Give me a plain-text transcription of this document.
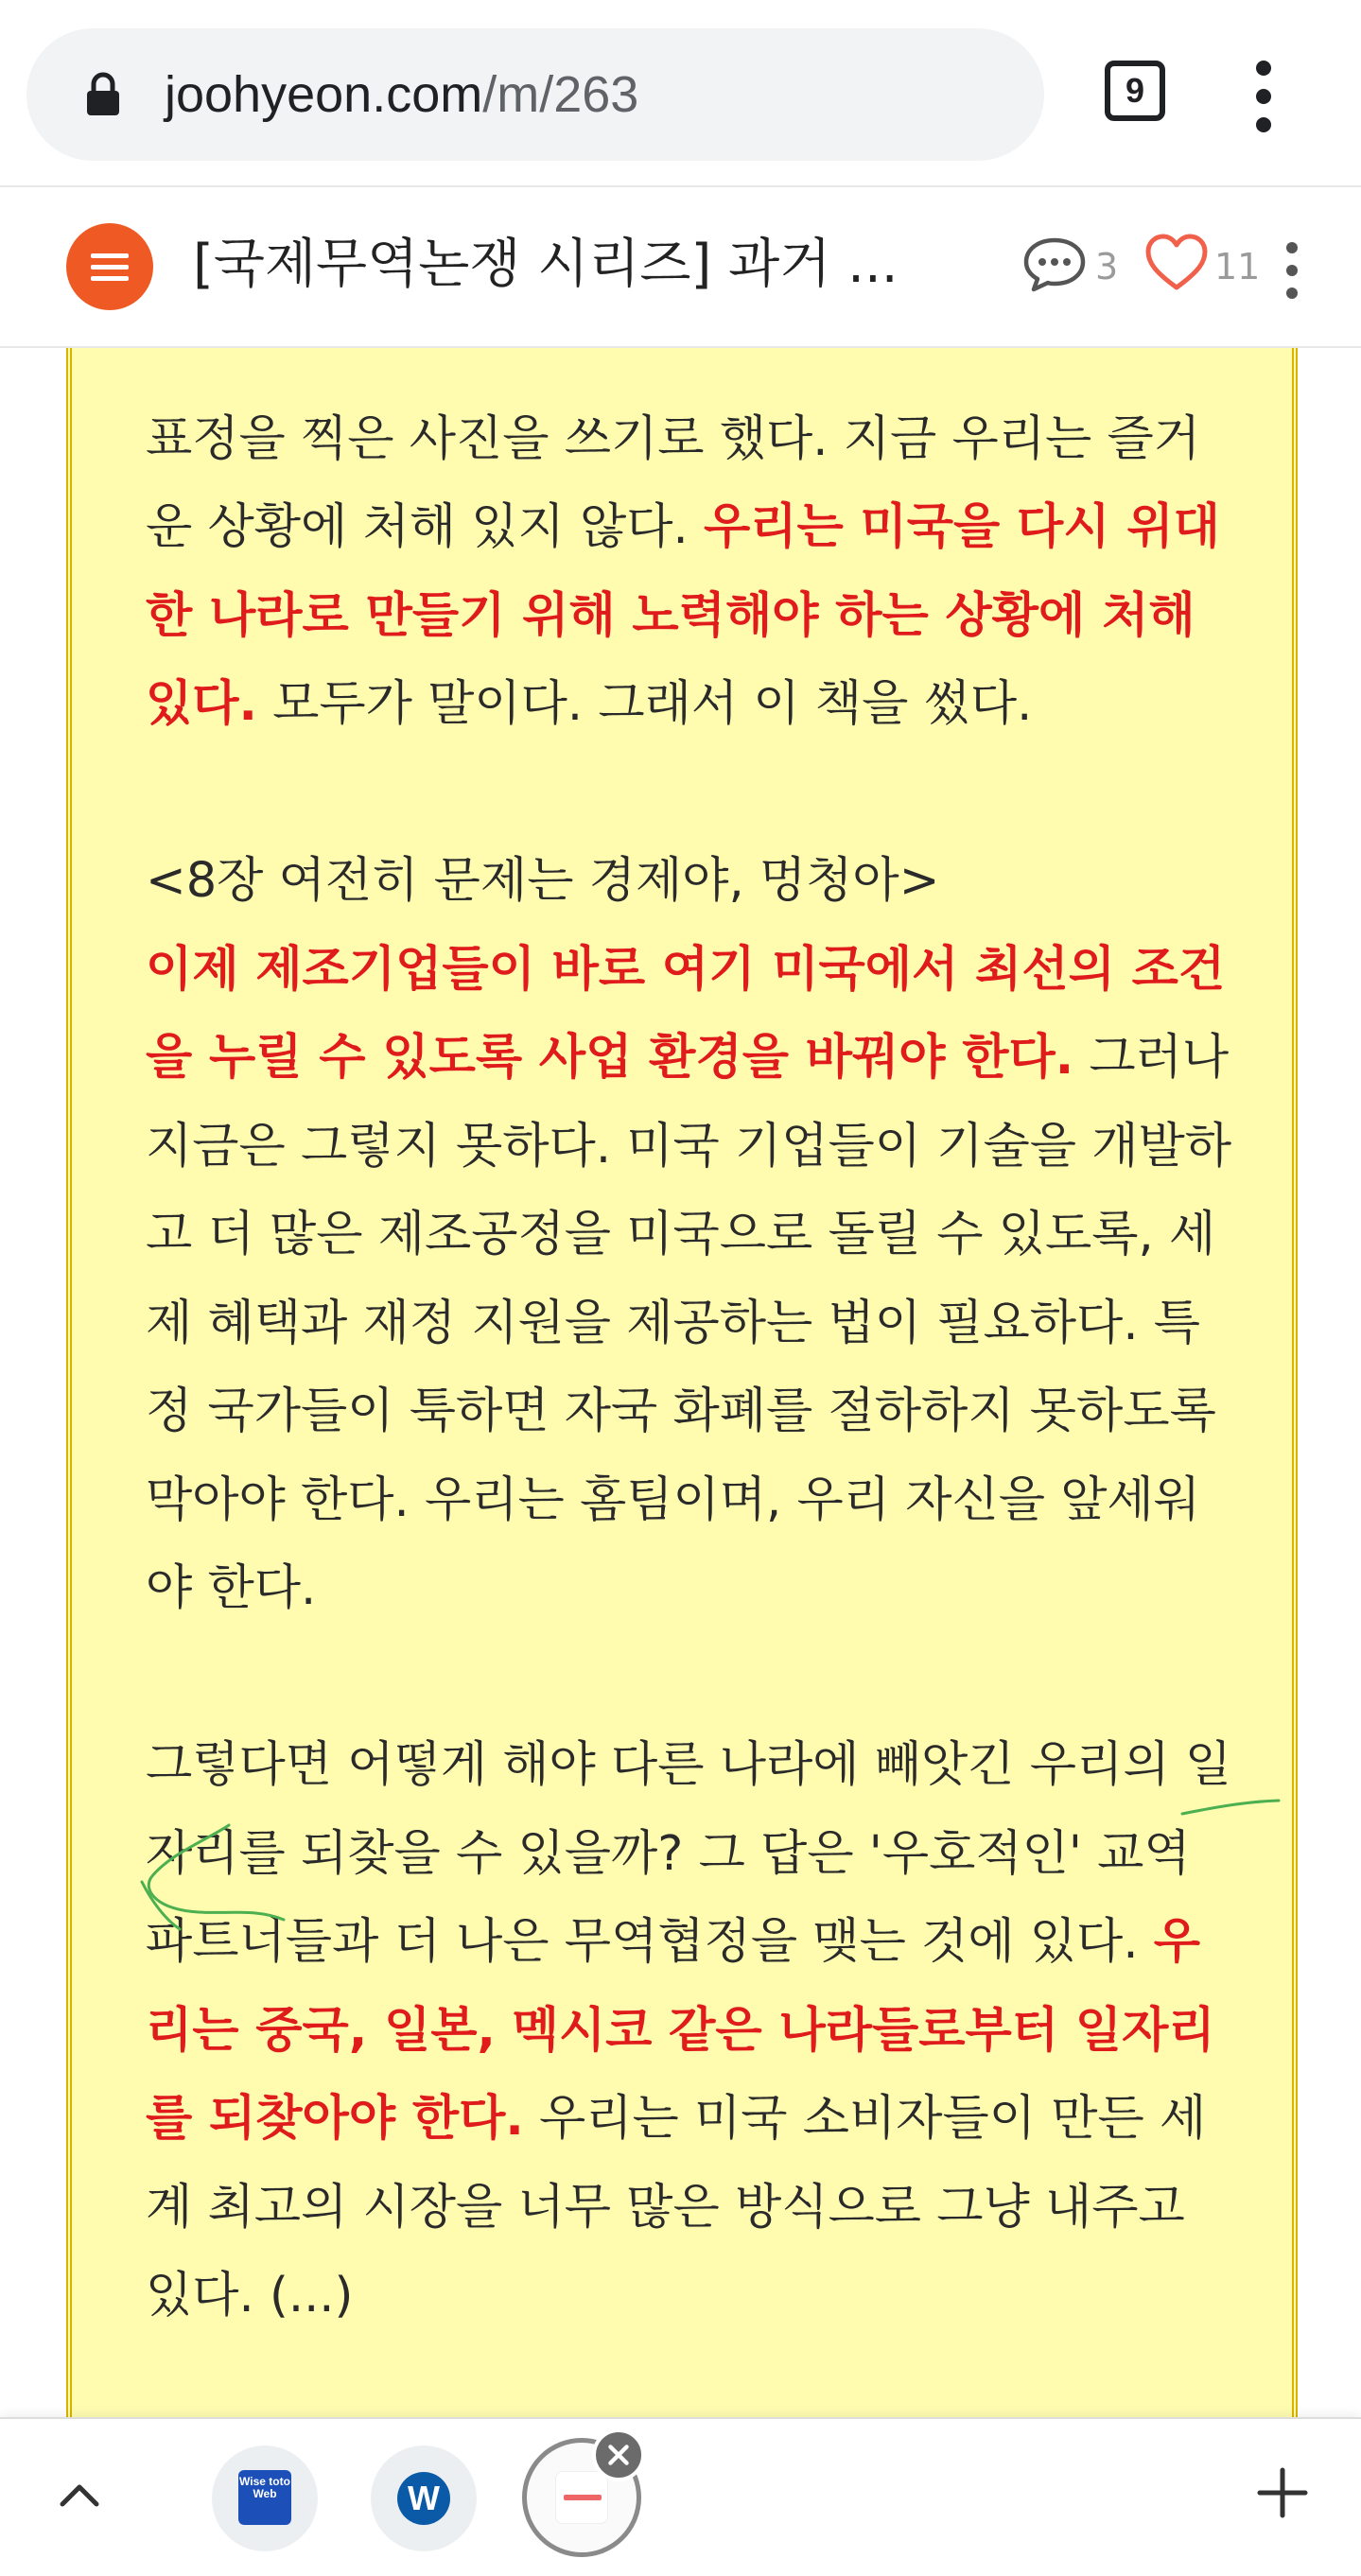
joohyeon.com/m/263	9
[국제무역논쟁 시리즈] 과거 ...	3	11

표정을 찍은 사진을 쓰기로 했다. 지금 우리는 즐거운 상황에 처해 있지 않다. 우리는 미국을 다시 위대한 나라로 만들기 위해 노력해야 하는 상황에 처해 있다. 모두가 말이다. 그래서 이 책을 썼다.

<8장 여전히 문제는 경제야, 멍청아>

이제 제조기업들이 바로 여기 미국에서 최선의 조건을 누릴 수 있도록 사업 환경을 바꿔야 한다. 그러나 지금은 그렇지 못하다. 미국 기업들이 기술을 개발하고 더 많은 제조공정을 미국으로 돌릴 수 있도록, 세제 혜택과 재정 지원을 제공하는 법이 필요하다. 특정 국가들이 툭하면 자국 화폐를 절하하지 못하도록 막아야 한다. 우리는 홈팀이며, 우리 자신을 앞세워야 한다.

그렇다면 어떻게 해야 다른 나라에 빼앗긴 우리의 일자리를 되찾을 수 있을까? 그 답은 '우호적인' 교역 파트너들과 더 나은 무역협정을 맺는 것에 있다. 우리는 중국, 일본, 멕시코 같은 나라들로부터 일자리를 되찾아야 한다. 우리는 미국 소비자들이 만든 세계 최고의 시장을 너무 많은 방식으로 그냥 내주고 있다. (...)

Wise toto Web	W
